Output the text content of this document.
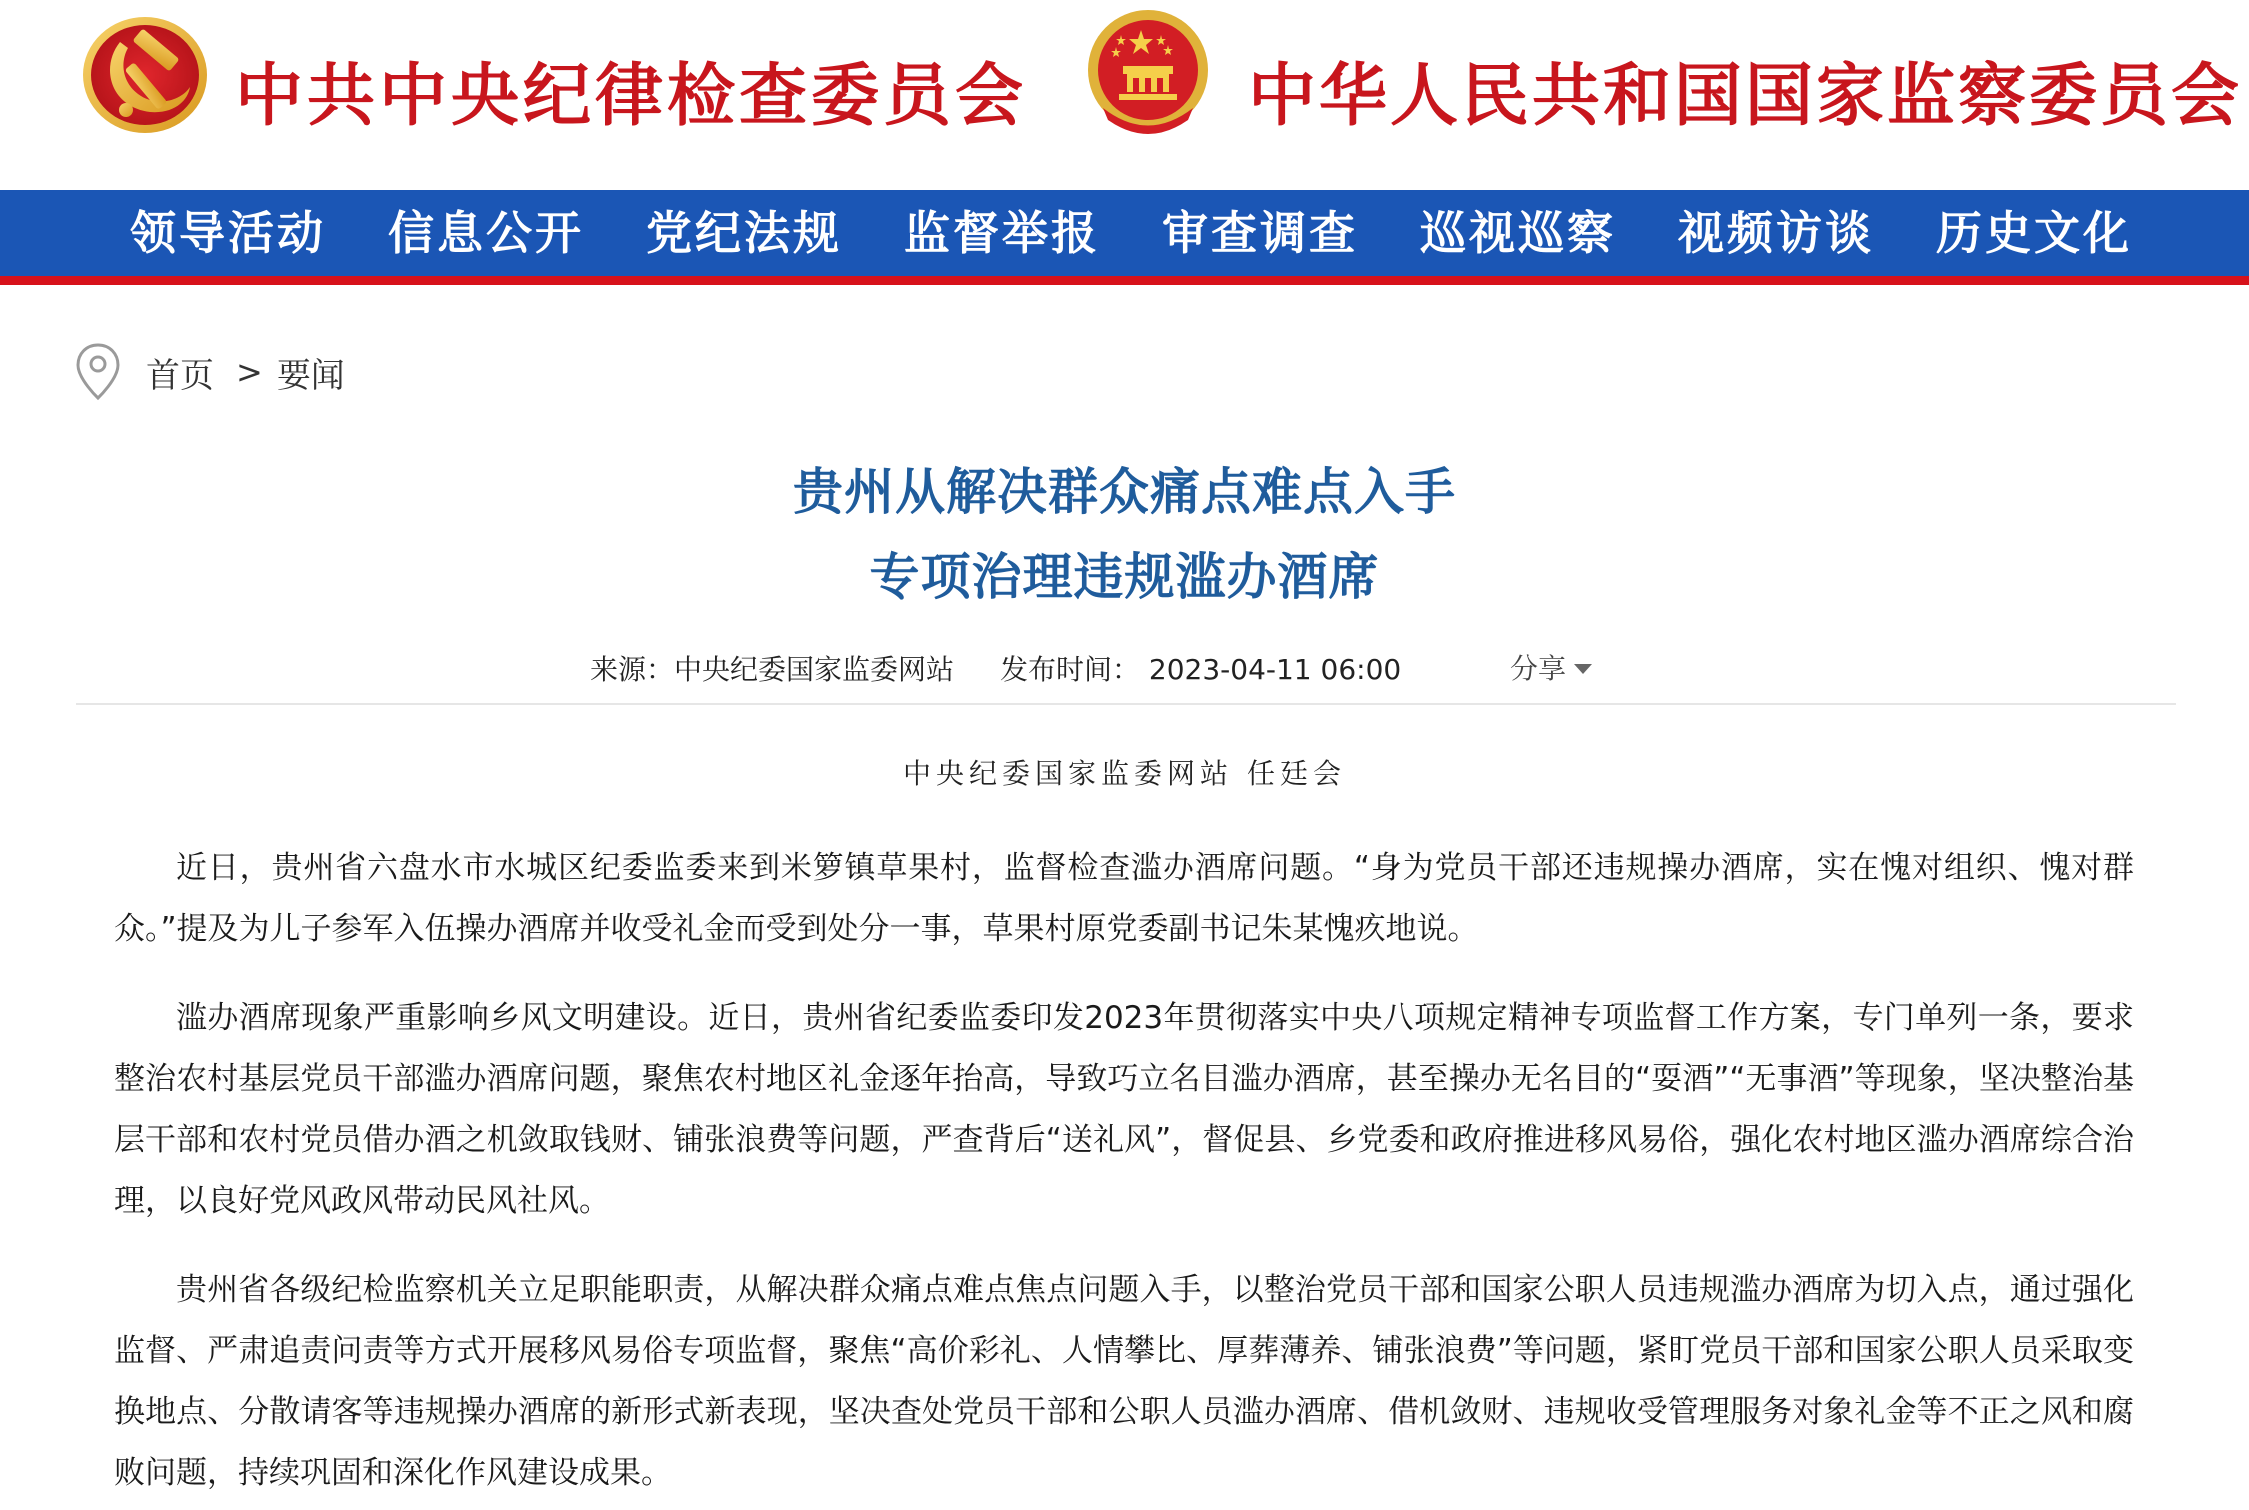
中共中央纪律检查委员会	中华人民共和国国家监察委员会
领导活动	信息公开	党纪法规	监督举报	审查调查	巡视巡察	视频访谈	历史文化
首页 > 要闻
贵州从解决群众痛点难点入手
专项治理违规滥办酒席
来源：中央纪委国家监委网站 发布时间： 2023-04-11 06:00	分享
中央纪委国家监委网站 任廷会

近日，贵州省六盘水市水城区纪委监委来到米箩镇草果村，监督检查滥办酒席问题。“身为党员干部还违规操办酒席，实在愧对组织、愧对群众。”提及为儿子参军入伍操办酒席并收受礼金而受到处分一事，草果村原党委副书记朱某愧疚地说。

滥办酒席现象严重影响乡风文明建设。近日，贵州省纪委监委印发2023年贯彻落实中央八项规定精神专项监督工作方案，专门单列一条，要求整治农村基层党员干部滥办酒席问题，聚焦农村地区礼金逐年抬高，导致巧立名目滥办酒席，甚至操办无名目的“耍酒”“无事酒”等现象，坚决整治基层干部和农村党员借办酒之机敛取钱财、铺张浪费等问题，严查背后“送礼风”，督促县、乡党委和政府推进移风易俗，强化农村地区滥办酒席综合治理，以良好党风政风带动民风社风。

贵州省各级纪检监察机关立足职能职责，从解决群众痛点难点焦点问题入手，以整治党员干部和国家公职人员违规滥办酒席为切入点，通过强化监督、严肃追责问责等方式开展移风易俗专项监督，聚焦“高价彩礼、人情攀比、厚葬薄养、铺张浪费”等问题，紧盯党员干部和国家公职人员采取变换地点、分散请客等违规操办酒席的新形式新表现，坚决查处党员干部和公职人员滥办酒席、借机敛财、违规收受管理服务对象礼金等不正之风和腐败问题，持续巩固和深化作风建设成果。
